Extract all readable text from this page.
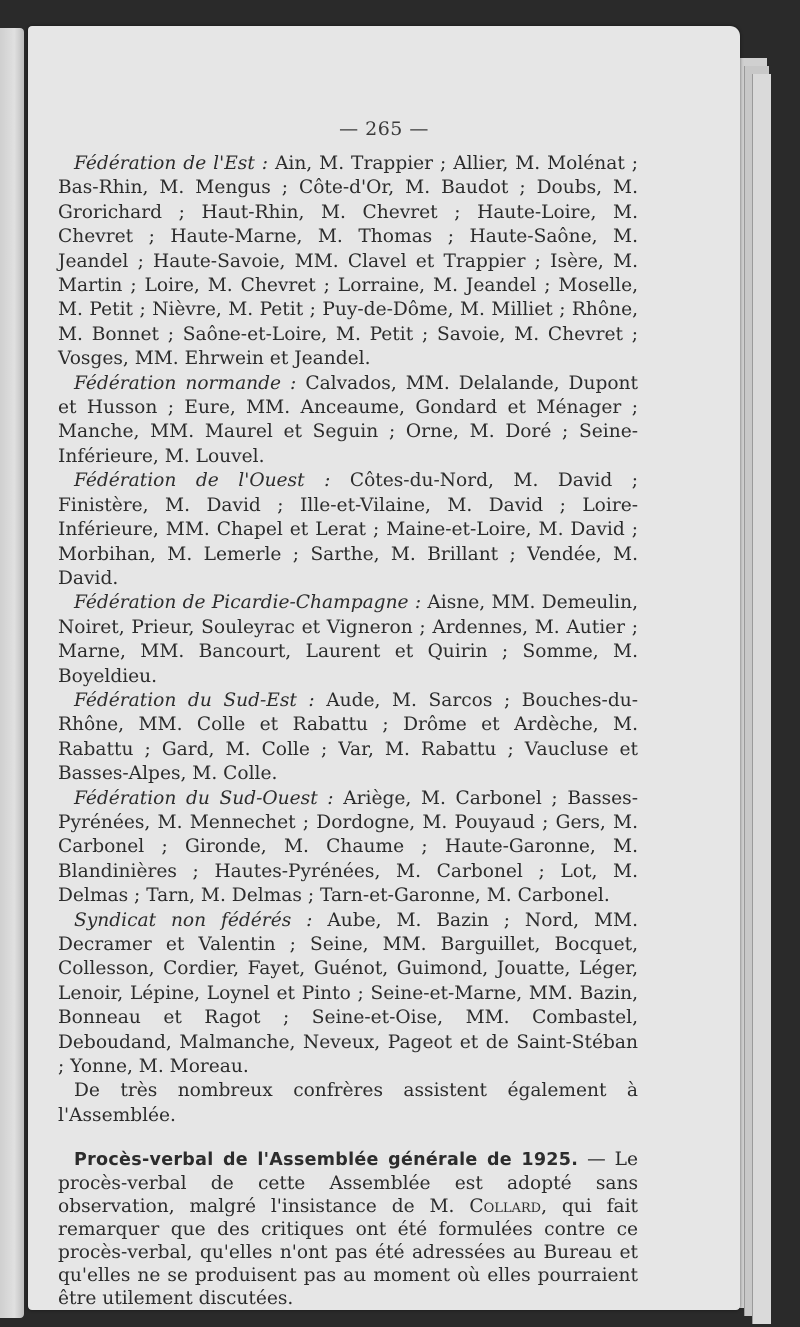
— 265 —

Fédération de l'Est : Ain, M. Trappier ; Allier, M. Molénat ; Bas-Rhin, M. Mengus ; Côte-d'Or, M. Baudot ; Doubs, M. Grorichard ; Haut-Rhin, M. Chevret ; Haute-Loire, M. Chevret ; Haute-Marne, M. Thomas ; Haute-Saône, M. Jeandel ; Haute-Savoie, MM. Clavel et Trappier ; Isère, M. Martin ; Loire, M. Chevret ; Lorraine, M. Jeandel ; Moselle, M. Petit ; Nièvre, M. Petit ; Puy-de-Dôme, M. Milliet ; Rhône, M. Bonnet ; Saône-et-Loire, M. Petit ; Savoie, M. Chevret ; Vosges, MM. Ehrwein et Jeandel.

Fédération normande : Calvados, MM. Delalande, Dupont et Husson ; Eure, MM. Anceaume, Gondard et Ménager ; Manche, MM. Maurel et Seguin ; Orne, M. Doré ; Seine-Inférieure, M. Louvel.

Fédération de l'Ouest : Côtes-du-Nord, M. David ; Finistère, M. David ; Ille-et-Vilaine, M. David ; Loire-Inférieure, MM. Chapel et Lerat ; Maine-et-Loire, M. David ; Morbihan, M. Lemerle ; Sarthe, M. Brillant ; Vendée, M. David.

Fédération de Picardie-Champagne : Aisne, MM. Demeulin, Noiret, Prieur, Souleyrac et Vigneron ; Ardennes, M. Autier ; Marne, MM. Bancourt, Laurent et Quirin ; Somme, M. Boyeldieu.

Fédération du Sud-Est : Aude, M. Sarcos ; Bouches-du-Rhône, MM. Colle et Rabattu ; Drôme et Ardèche, M. Rabattu ; Gard, M. Colle ; Var, M. Rabattu ; Vaucluse et Basses-Alpes, M. Colle.

Fédération du Sud-Ouest : Ariège, M. Carbonel ; Basses-Pyrénées, M. Mennechet ; Dordogne, M. Pouyaud ; Gers, M. Carbonel ; Gironde, M. Chaume ; Haute-Garonne, M. Blandinières ; Hautes-Pyrénées, M. Carbonel ; Lot, M. Delmas ; Tarn, M. Delmas ; Tarn-et-Garonne, M. Carbonel.

Syndicat non fédérés : Aube, M. Bazin ; Nord, MM. Decramer et Valentin ; Seine, MM. Barguillet, Bocquet, Collesson, Cordier, Fayet, Guénot, Guimond, Jouatte, Léger, Lenoir, Lépine, Loynel et Pinto ; Seine-et-Marne, MM. Bazin, Bonneau et Ragot ; Seine-et-Oise, MM. Combastel, Deboudand, Malmanche, Neveux, Pageot et de Saint-Stéban ; Yonne, M. Moreau.

De très nombreux confrères assistent également à l'Assemblée.

Procès-verbal de l'Assemblée générale de 1925. — Le procès-verbal de cette Assemblée est adopté sans observation, malgré l'insistance de M. Collard, qui fait remarquer que des critiques ont été formulées contre ce procès-verbal, qu'elles n'ont pas été adressées au Bureau et qu'elles ne se produisent pas au moment où elles pourraient être utilement discutées.
